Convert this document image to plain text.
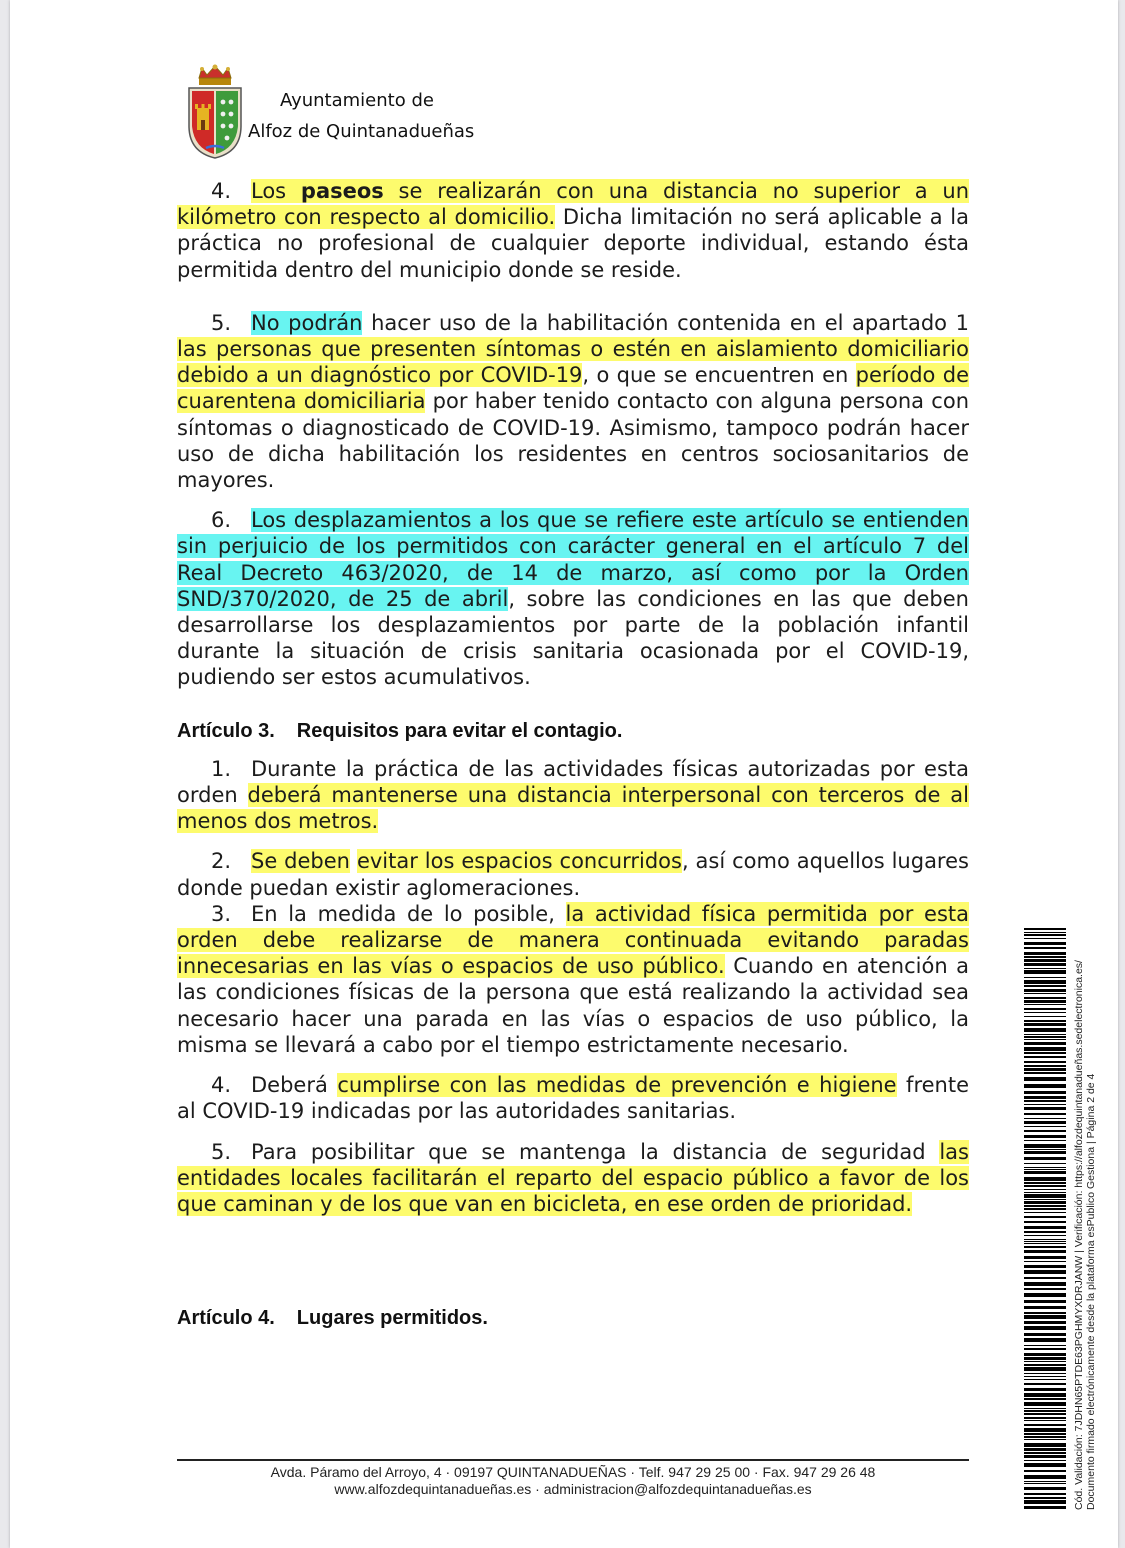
Ayuntamiento de
Alfoz de Quintanadueñas

4. Los paseos se realizarán con una distancia no superior a un kilómetro con respecto al domicilio. Dicha limitación no será aplicable a la práctica no profesional de cualquier deporte individual, estando ésta permitida dentro del municipio donde se reside.

5. No podrán hacer uso de la habilitación contenida en el apartado 1 las personas que presenten síntomas o estén en aislamiento domiciliario debido a un diagnóstico por COVID-19, o que se encuentren en período de cuarentena domiciliaria por haber tenido contacto con alguna persona con síntomas o diagnosticado de COVID-19. Asimismo, tampoco podrán hacer uso de dicha habilitación los residentes en centros sociosanitarios de mayores.

6. Los desplazamientos a los que se refiere este artículo se entienden sin perjuicio de los permitidos con carácter general en el artículo 7 del Real Decreto 463/2020, de 14 de marzo, así como por la Orden SND/370/2020, de 25 de abril, sobre las condiciones en las que deben desarrollarse los desplazamientos por parte de la población infantil durante la situación de crisis sanitaria ocasionada por el COVID-19, pudiendo ser estos acumulativos.

Artículo 3. Requisitos para evitar el contagio.

1. Durante la práctica de las actividades físicas autorizadas por esta orden deberá mantenerse una distancia interpersonal con terceros de al menos dos metros.

2. Se deben evitar los espacios concurridos, así como aquellos lugares donde puedan existir aglomeraciones.

3. En la medida de lo posible, la actividad física permitida por esta orden debe realizarse de manera continuada evitando paradas innecesarias en las vías o espacios de uso público. Cuando en atención a las condiciones físicas de la persona que está realizando la actividad sea necesario hacer una parada en las vías o espacios de uso público, la misma se llevará a cabo por el tiempo estrictamente necesario.

4. Deberá cumplirse con las medidas de prevención e higiene frente al COVID-19 indicadas por las autoridades sanitarias.

5. Para posibilitar que se mantenga la distancia de seguridad las entidades locales facilitarán el reparto del espacio público a favor de los que caminan y de los que van en bicicleta, en ese orden de prioridad.

Artículo 4. Lugares permitidos.

Avda. Páramo del Arroyo, 4 · 09197 QUINTANADUEÑAS · Telf. 947 29 25 00 · Fax. 947 29 26 48
www.alfozdequintanadueñas.es · administracion@alfozdequintanadueñas.es	Cód. Validación: 7JDHN65PTDE63PGHMYXDRJANW | Verificación: https://alfozdequintanadueñas.sedelectronica.es/ Documento firmado electrónicamente desde la plataforma esPublico Gestiona | Página 2 de 4
